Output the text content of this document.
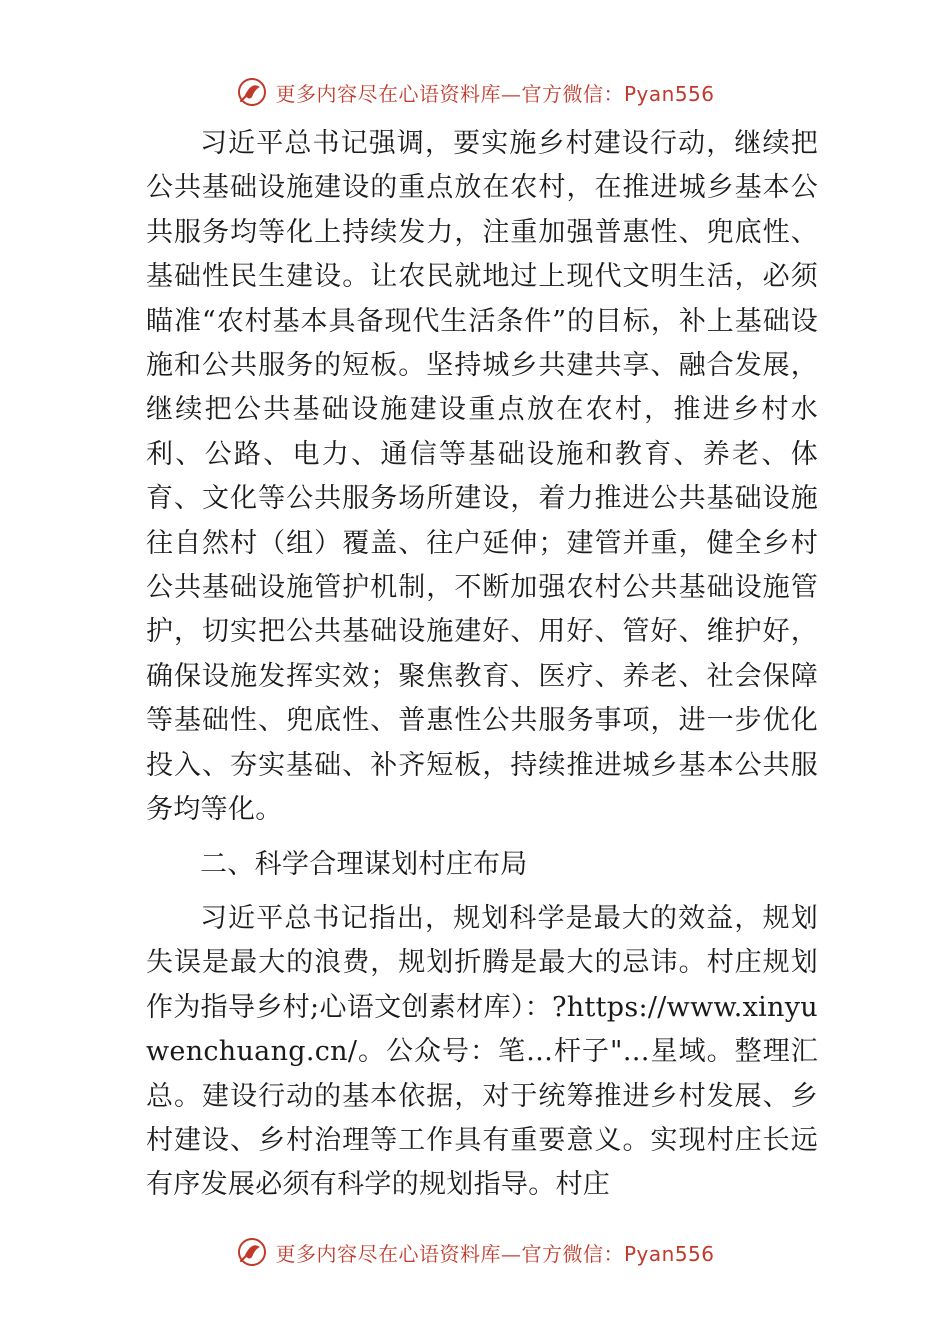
更多内容尽在心语资料库—官方微信：Pyan556

习近平总书记强调，要实施乡村建设行动，继续把公共基础设施建设的重点放在农村，在推进城乡基本公共服务均等化上持续发力，注重加强普惠性、兜底性、基础性民生建设。让农民就地过上现代文明生活，必须瞄准“农村基本具备现代生活条件”的目标，补上基础设施和公共服务的短板。坚持城乡共建共享、融合发展，继续把公共基础设施建设重点放在农村，推进乡村水利、公路、电力、通信等基础设施和教育、养老、体育、文化等公共服务场所建设，着力推进公共基础设施往自然村（组）覆盖、往户延伸；建管并重，健全乡村公共基础设施管护机制，不断加强农村公共基础设施管护，切实把公共基础设施建好、用好、管好、维护好，确保设施发挥实效；聚焦教育、医疗、养老、社会保障等基础性、兜底性、普惠性公共服务事项，进一步优化投入、夯实基础、补齐短板，持续推进城乡基本公共服务均等化。

二、科学合理谋划村庄布局

习近平总书记指出，规划科学是最大的效益，规划失误是最大的浪费，规划折腾是最大的忌讳。村庄规划作为指导乡村;心语文创素材库）：?https://www.xinyuwenchuang.cn/。公众号：笔…杆子"…星域。整理汇总。建设行动的基本依据，对于统筹推进乡村发展、乡村建设、乡村治理等工作具有重要意义。实现村庄长远有序发展必须有科学的规划指导。村庄

更多内容尽在心语资料库—官方微信：Pyan556
